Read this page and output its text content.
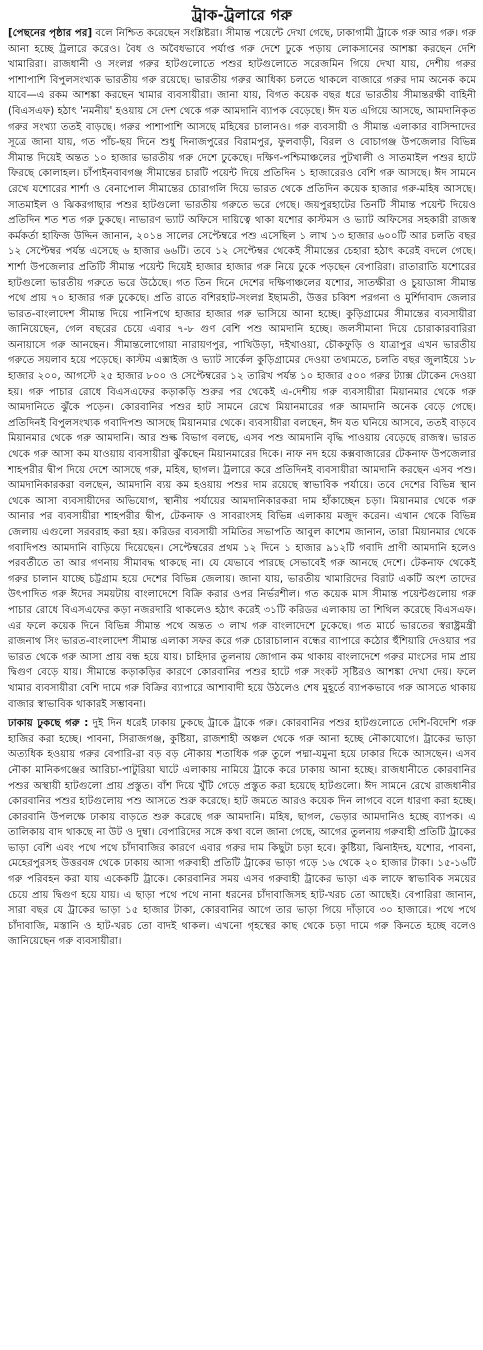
ট্রাক-ট্রলারে গরু

[পেছনের পৃষ্ঠার পর] বলে নিশ্চিত করেছেন সংশ্লিষ্টরা। সীমান্ত পয়েন্টে দেখা গেছে, ঢাকাগামী ট্রাকে গরু আর গরু। গরু আনা হচ্ছে ট্রলারে করেও। বৈধ ও অবৈধভাবে পর্যাপ্ত গরু দেশে ঢুকে পড়ায় লোকসানের আশঙ্কা করছেন দেশি খামারিরা। রাজধানী ও সংলগ্ন গরুর হাটগুলোতে পশুর হাটগুলোতে সরেজমিন গিয়ে দেখা যায়, দেশীয় গরুর পাশাপাশি বিপুলসংখ্যক ভারতীয় গরু রয়েছে। ভারতীয় গরুর আধিক্য চলতে থাকলে বাজারে গরুর দাম অনেক কমে যাবে—এ রকম আশঙ্কা করছেন খামার ব্যবসায়ীরা। জানা যায়, বিগত কয়েক বছর ধরে ভারতীয় সীমান্তরক্ষী বাহিনী (বিএসএফ) হঠাৎ 'নমনীয়' হওয়ায় সে দেশ থেকে গরু আমদানি ব্যাপক বেড়েছে। ঈদ যত এগিয়ে আসছে, আমদানিকৃত গরুর সংখ্যা ততই বাড়ছে। গরুর পাশাপাশি আসছে মহিষের চালানও। গরু ব্যবসায়ী ও সীমান্ত এলাকার বাসিন্দাদের সূত্রে জানা যায়, গত পাঁচ-ছয় দিনে শুধু দিনাজপুরের বিরামপুর, ফুলবাড়ী, বিরল ও বোচাগঞ্জ উপজেলার বিভিন্ন সীমান্ত দিয়েই অন্তত ১০ হাজার ভারতীয় গরু দেশে ঢুকেছে। দক্ষিণ-পশ্চিমাঞ্চলের পুটখালী ও সাতমাইল পশুর হাটে ফিরছে কোলাহল। চাঁপাইনবাবগঞ্জ সীমান্তের চারটি পয়েন্ট দিয়ে প্রতিদিন ১ হাজারেরও বেশি গরু আসছে। ঈদ সামনে রেখে যশোরের শার্শা ও বেনাপোল সীমান্তের চোরাগলি দিয়ে ভারত থেকে প্রতিদিন কয়েক হাজার গরু-মহিষ আসছে। সাতমাইল ও ঝিকরগাছার পশুর হাটগুলো ভারতীয় গরুতে ভরে গেছে। জয়পুরহাটের তিনটি সীমান্ত পয়েন্ট দিয়েও প্রতিদিন শত শত গরু ঢুকছে। নাভারণ ভ্যাট অফিসে দায়িত্বে থাকা যশোর কাস্টমস ও ভ্যাট অফিসের সহকারী রাজস্ব কর্মকর্তা হাফিজ উদ্দিন জানান, ২০১৪ সালের সেপ্টেম্বরে পশু এসেছিল ১ লাখ ১৩ হাজার ৬০০টি আর চলতি বছর ১২ সেপ্টেম্বর পর্যন্ত এসেছে ৬ হাজার ৬৬টি। তবে ১২ সেপ্টেম্বর থেকেই সীমান্তের চেহারা হঠাৎ করেই বদলে গেছে। শার্শা উপজেলার প্রতিটি সীমান্ত পয়েন্ট দিয়েই হাজার হাজার গরু নিয়ে ঢুকে পড়ছেন বেপারিরা। রাতারাতি যশোরের হাটগুলো ভারতীয় গরুতে ভরে উঠেছে। গত তিন দিনে দেশের দক্ষিণাঞ্চলের যশোর, সাতক্ষীরা ও চুয়াডাঙ্গা সীমান্ত পথে প্রায় ৭০ হাজার গরু ঢুকেছে। প্রতি রাতে বশিরহাট-সংলগ্ন ইছামতী, উত্তর চব্বিশ পরগনা ও মুর্শিদাবাদ জেলার ভারত-বাংলাদেশ সীমান্ত দিয়ে পানিপথে হাজার হাজার গরু ভাসিয়ে আনা হচ্ছে। কুড়িগ্রামের সীমান্তের ব্যবসায়ীরা জানিয়েছেন, গেল বছরের চেয়ে এবার ৭-৮ গুণ বেশি পশু আমদানি হচ্ছে। জলসীমানা দিয়ে চোরাকারবারিরা অনায়াসে গরু আনছেন। সীমান্তলোগোয়া নারায়ণপুর, পাখিউড়া, দইখাওয়া, চৌকফুড়ি ও যাত্রাপুর এখন ভারতীয় গরুতে সয়লাব হয়ে পড়েছে। কাস্টম এক্সাইজ ও ভ্যাট সার্কেল কুড়িগ্রামের দেওয়া তথ্যমতে, চলতি বছর জুলাইয়ে ১৮ হাজার ২০০, আগস্টে ২৫ হাজার ৮০০ ও সেপ্টেম্বরের ১২ তারিখ পর্যন্ত ১০ হাজার ৫০০ গরুর ট্যাক্স টোকেন দেওয়া হয়। গরু পাচার রোধে বিএসএফের কড়াকড়ি শুরুর পর থেকেই এ-দেশীয় গরু ব্যবসায়ীরা মিয়ানমার থেকে গরু আমদানিতে ঝুঁকে পড়েন। কোরবানির পশুর হাট সামনে রেখে মিয়ানমারের গরু আমদানি অনেক বেড়ে গেছে। প্রতিদিনই বিপুলসংখ্যক গবাদিপশু আসছে মিয়ানমার থেকে। ব্যবসায়ীরা বলছেন, ঈদ যত ঘনিয়ে আসবে, ততই বাড়বে মিয়ানমার থেকে গরু আমদানি। আর শুল্ক বিভাগ বলছে, এসব পশু আমদানি বৃদ্ধি পাওয়ায় বেড়েছে রাজস্ব। ভারত থেকে গরু আসা কম যাওয়ায় ব্যবসায়ীরা ঝুঁকছেন মিয়ানমারের দিকে। নাফ নদ হয়ে কক্সবাজারের টেকনাফ উপজেলার শাহপরীর দ্বীপ দিয়ে দেশে আসছে গরু, মহিষ, ছাগল। ট্রলারে করে প্রতিদিনই ব্যবসায়ীরা আমদানি করছেন এসব পশু। আমদানিকারকরা বলছেন, আমদানি ব্যয় কম হওয়ায় পশুর দাম রয়েছে স্বাভাবিক পর্যায়ে। তবে দেশের বিভিন্ন স্থান থেকে আসা ব্যবসায়ীদের অভিযোগ, স্থানীয় পর্যায়ের আমদানিকারকরা দাম হাঁকাচ্ছেন চড়া। মিয়ানমার থেকে গরু আনার পর ব্যবসায়ীরা শাহপরীর দ্বীপ, টেকনাফ ও সাবরাংসহ বিভিন্ন এলাকায় মজুদ করেন। এখান থেকে বিভিন্ন জেলায় এগুলো সরবরাহ করা হয়। করিডর ব্যবসায়ী সমিতির সভাপতি আবুল কাশেম জানান, তারা মিয়ানমার থেকে গবাদিপশু আমদানি বাড়িয়ে দিয়েছেন। সেপ্টেম্বরের প্রথম ১২ দিনে ১ হাজার ৯১২টি গবাদি প্রাণী আমদানি হলেও পরবর্তীতে তা আর গণনায় সীমাবদ্ধ থাকছে না। যে যেভাবে পারছে সেভাবেই গরু আনছে দেশে। টেকনাফ থেকেই গরুর চালান যাচ্ছে চট্টগ্রাম হয়ে দেশের বিভিন্ন জেলায়। জানা যায়, ভারতীয় খামারিদের বিরাট একটি অংশ তাদের উৎপাদিত গরু ঈদের সময়টায় বাংলাদেশে বিক্রি করার ওপর নির্ভরশীল। গত কয়েক মাস সীমান্ত পয়েন্টগুলোয় গরু পাচার রোধে বিএসএফের কড়া নজরদারি থাকলেও হঠাৎ করেই ৩১টি করিডর এলাকায় তা শিথিল করেছে বিএসএফ। এর ফলে কয়েক দিনে বিভিন্ন সীমান্ত পথে অন্তত ৩ লাখ গরু বাংলাদেশে ঢুকেছে। গত মার্চে ভারতের স্বরাষ্ট্রমন্ত্রী রাজনাথ সিং ভারত-বাংলাদেশ সীমান্ত এলাকা সফর করে গরু চোরাচালান বন্ধের ব্যাপারে কঠোর হুঁশিয়ারি দেওয়ার পর ভারত থেকে গরু আসা প্রায় বন্ধ হয়ে যায়। চাহিদার তুলনায় জোগান কম থাকায় বাংলাদেশে গরুর মাংসের দাম প্রায় দ্বিগুণ বেড়ে যায়। সীমান্তে কড়াকড়ির কারণে কোরবানির পশুর হাটে গরু সংকট সৃষ্টিরও আশঙ্কা দেখা দেয়। ফলে খামার ব্যবসায়ীরা বেশি দামে গরু বিক্রির ব্যাপারে আশাবাদী হয়ে উঠলেও শেষ মুহূর্তে ব্যাপকভাবে গরু আসতে থাকায় বাজার স্বাভাবিক থাকারই সম্ভাবনা।

ঢাকায় ঢুকছে গরু : দুই দিন ধরেই ঢাকায় ঢুকছে ট্রাকে ট্রাকে গরু। কোরবানির পশুর হাটগুলোতে দেশি-বিদেশি গরু হাজির করা হচ্ছে। পাবনা, সিরাজগঞ্জ, কুষ্টিয়া, রাজশাহী অঞ্চল থেকে গরু আনা হচ্ছে নৌকাযোগে। ট্রাকের ভাড়া অত্যধিক হওয়ায় গরুর বেপারি-রা বড় বড় নৌকায় শতাধিক গরু তুলে পদ্মা-যমুনা হয়ে ঢাকার দিকে আসছেন। এসব নৌকা মানিকগঞ্জের আরিচা-পাটুরিয়া ঘাটে এলাকায় নামিয়ে ট্রাকে করে ঢাকায় আনা হচ্ছে। রাজধানীতে কোরবানির পশুর অস্থায়ী হাটগুলো প্রায় প্রস্তুত। বাঁশ দিয়ে খুঁটি গেড়ে প্রস্তুত করা হয়েছে হাটগুলো। ঈদ সামনে রেখে রাজধানীর কোরবানির পশুর হাটগুলোয় পশু আসতে শুরু করেছে। হাট জমতে আরও কয়েক দিন লাগবে বলে ধারণা করা হচ্ছে। কোরবানি উপলক্ষে ঢাকায় বাড়তে শুরু করেছে গরু আমদানি। মহিষ, ছাগল, ভেড়ার আমদানিও হচ্ছে ব্যাপক। এ তালিকায় বাদ থাকছে না উট ও দুম্বা। বেপারিদের সঙ্গে কথা বলে জানা গেছে, আগের তুলনায় গরুবাহী প্রতিটি ট্রাকের ভাড়া বেশি এবং পথে পথে চাঁদাবাজির কারণে এবার গরুর দাম কিছুটা চড়া হবে। কুষ্টিয়া, ঝিনাইদহ, যশোর, পাবনা, মেহেরপুরসহ উত্তরবঙ্গ থেকে ঢাকায় আসা গরুবাহী প্রতিটি ট্রাকের ভাড়া গড়ে ১৬ থেকে ২০ হাজার টাকা। ১৫-১৬টি গরু পরিবহন করা যায় একেকটি ট্রাকে। কোরবানির সময় এসব গরুবাহী ট্রাকের ভাড়া এক লাফে স্বাভাবিক সময়ের চেয়ে প্রায় দ্বিগুণ হয়ে যায়। এ ছাড়া পথে পথে নানা ধরনের চাঁদাবাজিসহ হাট-খরচ তো আছেই। বেপারিরা জানান, সারা বছর যে ট্রাকের ভাড়া ১৫ হাজার টাকা, কোরবানির আগে তার ভাড়া গিয়ে দাঁড়াবে ৩০ হাজারে। পথে পথে চাঁদাবাজি, মস্তানি ও হাট-খরচ তো বাদই থাকল। এখনো গৃহস্থের কাছ থেকে চড়া দামে গরু কিনতে হচ্ছে বলেও জানিয়েছেন গরু ব্যবসায়ীরা।
